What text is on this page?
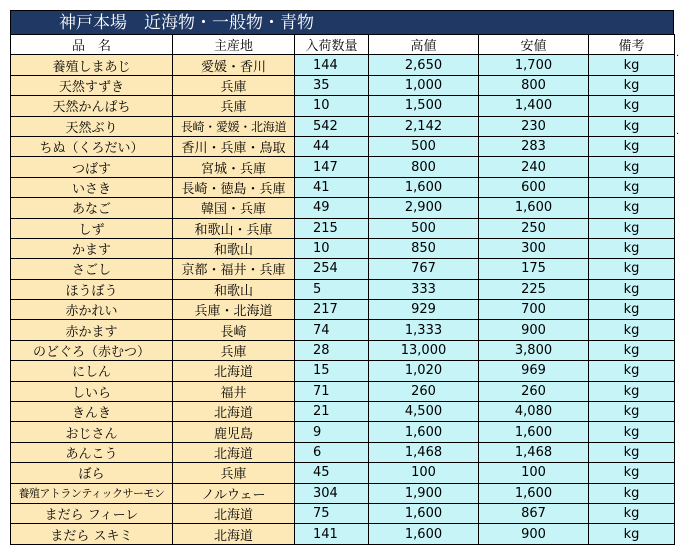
神戸本場　近海物・一般物・青物
品　名	主産地	入荷数量	高値	安値	備考
養殖しまあじ	愛媛・香川	144	2,650	1,700	kg
天然すずき	兵庫	35	1,000	800	kg
天然かんぱち	兵庫	10	1,500	1,400	kg
天然ぶり	長崎・愛媛・北海道	542	2,142	230	kg
ちぬ（くろだい）	香川・兵庫・鳥取	44	500	283	kg
つばす	宮城・兵庫	147	800	240	kg
いさき	長崎・徳島・兵庫	41	1,600	600	kg
あなご	韓国・兵庫	49	2,900	1,600	kg
しず	和歌山・兵庫	215	500	250	kg
かます	和歌山	10	850	300	kg
さごし	京都・福井・兵庫	254	767	175	kg
ほうぼう	和歌山	5	333	225	kg
赤かれい	兵庫・北海道	217	929	700	kg
赤かます	長崎	74	1,333	900	kg
のどぐろ（赤むつ）	兵庫	28	13,000	3,800	kg
にしん	北海道	15	1,020	969	kg
しいら	福井	71	260	260	kg
きんき	北海道	21	4,500	4,080	kg
おじさん	鹿児島	9	1,600	1,600	kg
あんこう	北海道	6	1,468	1,468	kg
ぼら	兵庫	45	100	100	kg
養殖アトランティックサーモン	ノルウェー	304	1,900	1,600	kg
まだら フィーレ	北海道	75	1,600	867	kg
まだら スキミ	北海道	141	1,600	900	kg
.
.
